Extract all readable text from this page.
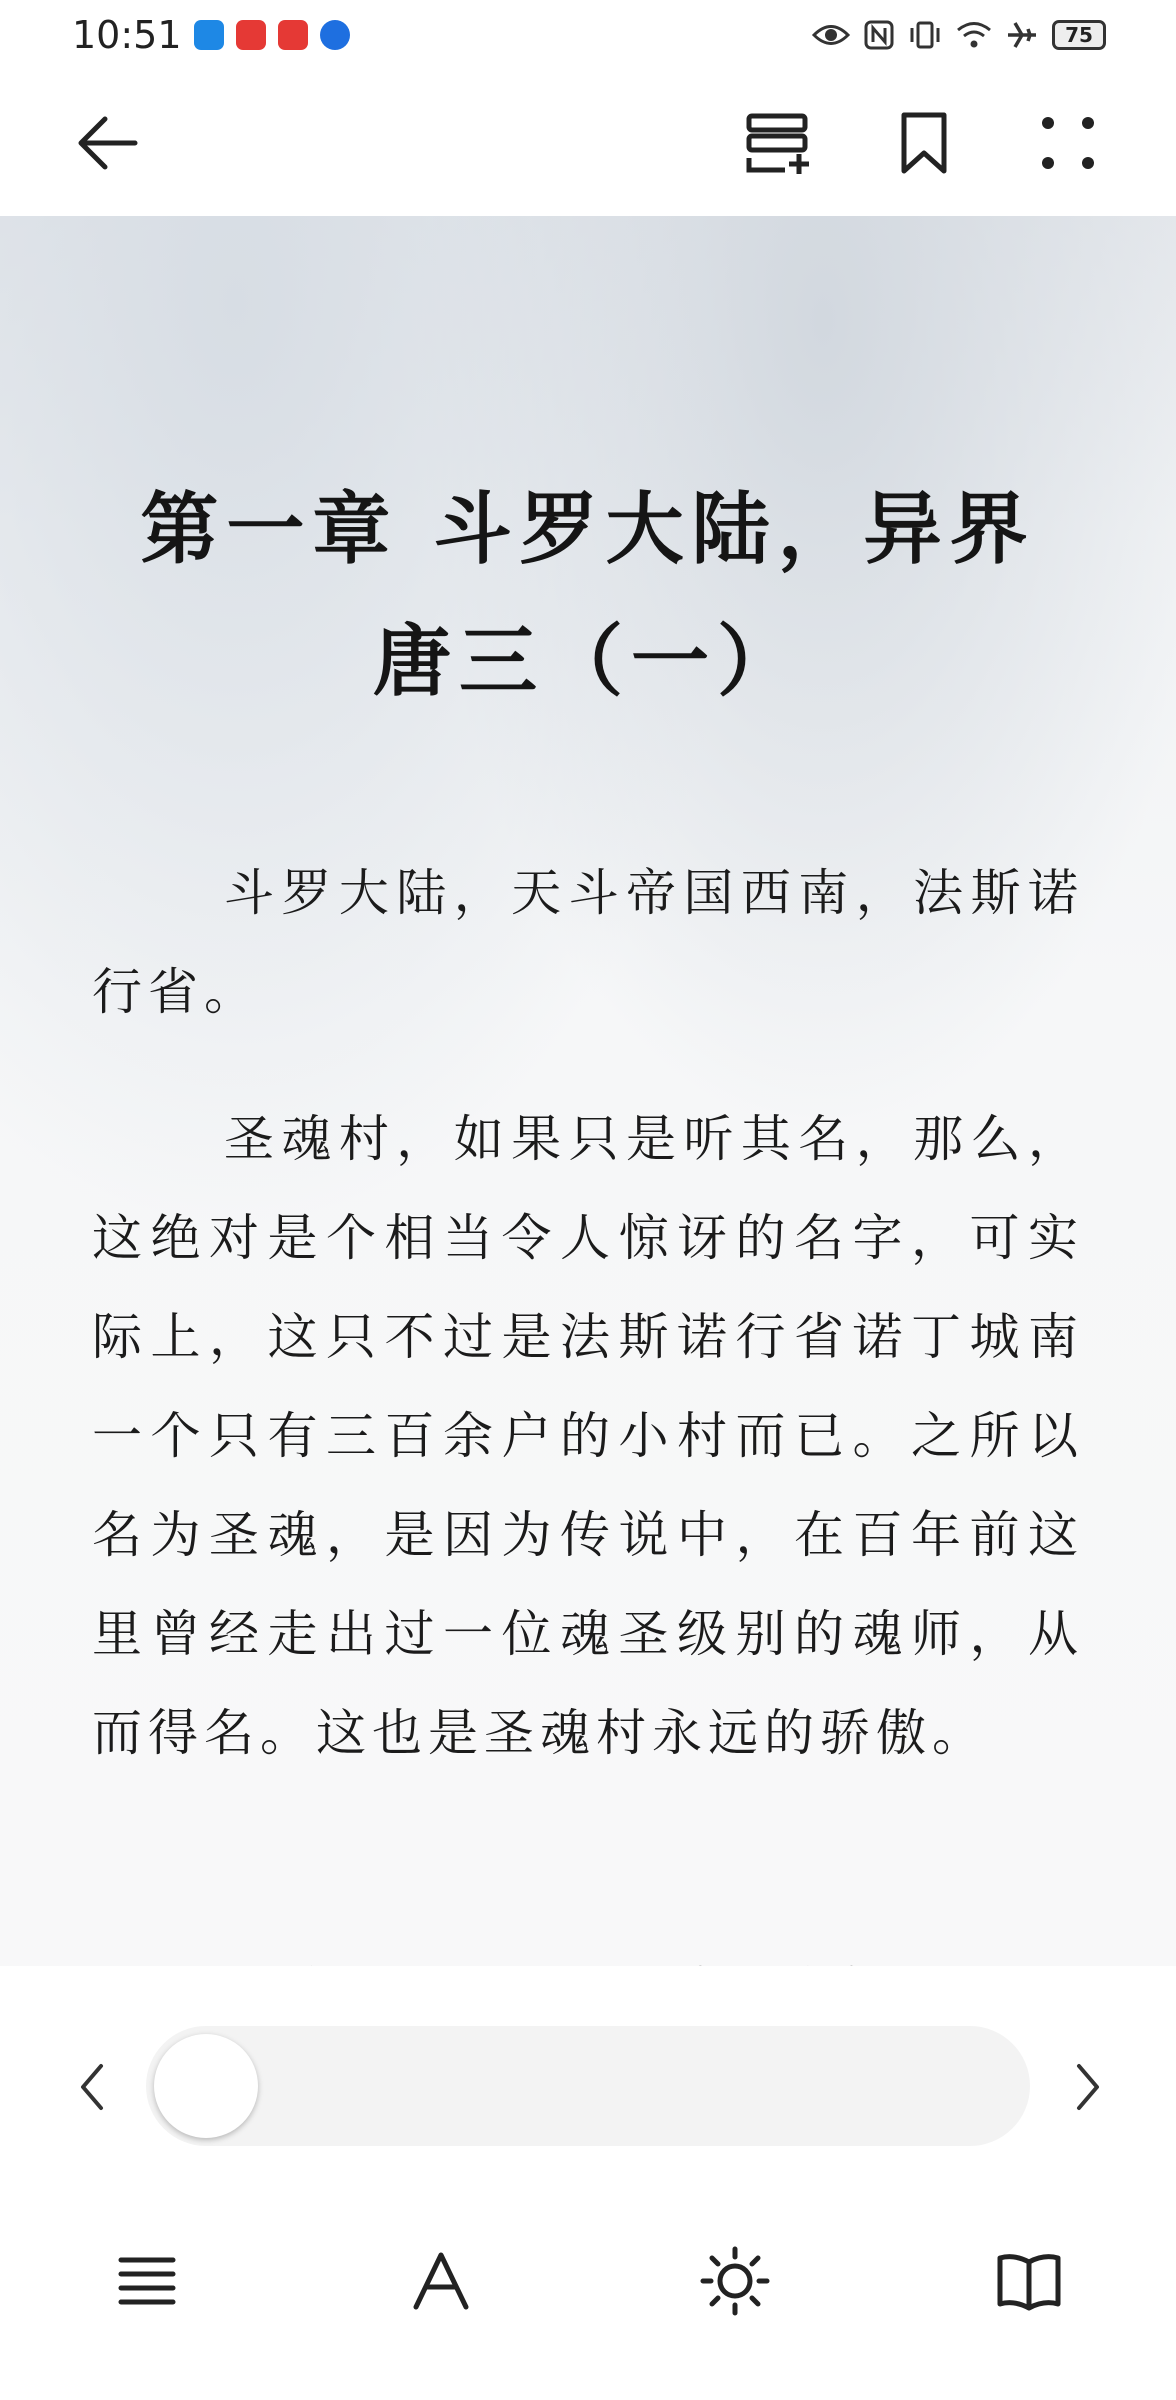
10:51	75
第一章 斗罗大陆，异界唐三（一）

斗罗大陆，天斗帝国西南，法斯诺行省。

圣魂村，如果只是听其名，那么，这绝对是个相当令人惊讶的名字，可实际上，这只不过是法斯诺行省诺丁城南一个只有三百余户的小村而已。之所以名为圣魂，是因为传说中，在百年前这里曾经走出过一位魂圣级别的魂师，从而得名。这也是圣魂村永远的骄傲。
